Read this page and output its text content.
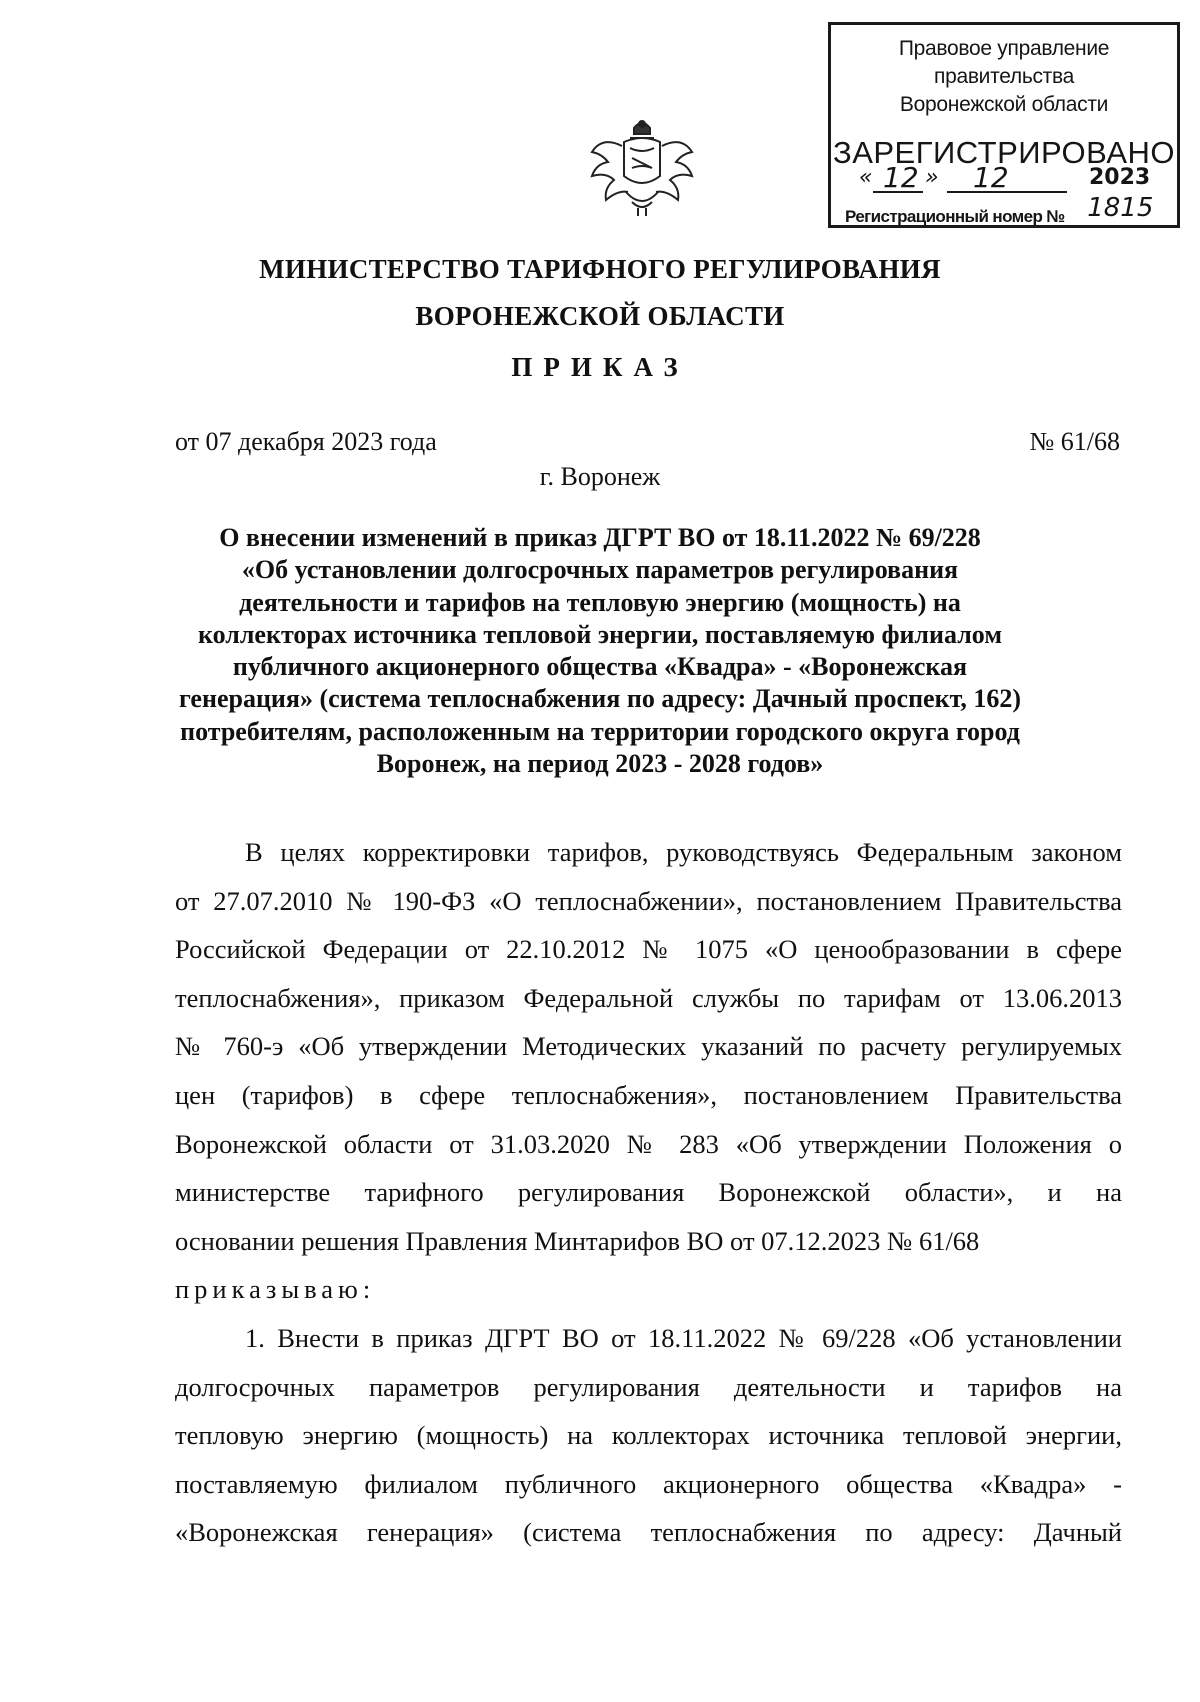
Правовое управление правительства
Воронежской области
ЗАРЕГИСТРИРОВАНО
« 12 » 12	2023
Регистрационный номер № 1815
МИНИСТЕРСТВО ТАРИФНОГО РЕГУЛИРОВАНИЯ
ВОРОНЕЖСКОЙ ОБЛАСТИ
ПРИКАЗ
от 07 декабря 2023 года	№ 61/68
г. Воронеж
О внесении изменений в приказ ДГРТ ВО от 18.11.2022 № 69/228
«Об установлении долгосрочных параметров регулирования
деятельности и тарифов на тепловую энергию (мощность) на
коллекторах источника тепловой энергии, поставляемую филиалом
публичного акционерного общества «Квадра» - «Воронежская
генерация» (система теплоснабжения по адресу: Дачный проспект, 162)
потребителям, расположенным на территории городского округа город
Воронеж, на период 2023 - 2028 годов»
В целях корректировки тарифов, руководствуясь Федеральным законом
от 27.07.2010 № 190-ФЗ «О теплоснабжении», постановлением Правительства
Российской Федерации от 22.10.2012 № 1075 «О ценообразовании в сфере
теплоснабжения», приказом Федеральной службы по тарифам от 13.06.2013
№ 760-э «Об утверждении Методических указаний по расчету регулируемых
цен (тарифов) в сфере теплоснабжения», постановлением Правительства
Воронежской области от 31.03.2020 № 283 «Об утверждении Положения о
министерстве тарифного регулирования Воронежской области», и на
основании решения Правления Минтарифов ВО от 07.12.2023 № 61/68
приказываю:
1. Внести в приказ ДГРТ ВО от 18.11.2022 № 69/228 «Об установлении
долгосрочных параметров регулирования деятельности и тарифов на
тепловую энергию (мощность) на коллекторах источника тепловой энергии,
поставляемую филиалом публичного акционерного общества «Квадра» -
«Воронежская генерация» (система теплоснабжения по адресу: Дачный
